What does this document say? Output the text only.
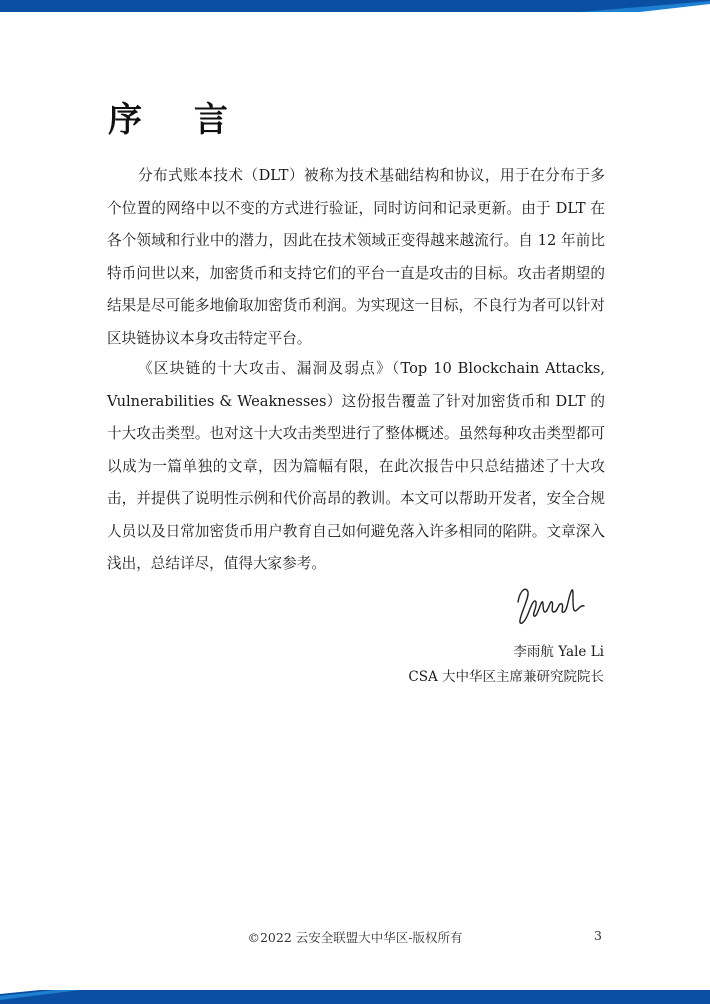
序 言

分布式账本技术（DLT）被称为技术基础结构和协议，用于在分布于多个位置的网络中以不变的方式进行验证，同时访问和记录更新。由于 DLT 在各个领域和行业中的潜力，因此在技术领域正变得越来越流行。自 12 年前比特币问世以来，加密货币和支持它们的平台一直是攻击的目标。攻击者期望的结果是尽可能多地偷取加密货币利润。为实现这一目标，不良行为者可以针对区块链协议本身攻击特定平台。

《区块链的十大攻击、漏洞及弱点》（Top 10 Blockchain Attacks, Vulnerabilities & Weaknesses）这份报告覆盖了针对加密货币和 DLT 的十大攻击类型。也对这十大攻击类型进行了整体概述。虽然每种攻击类型都可以成为一篇单独的文章，因为篇幅有限，在此次报告中只总结描述了十大攻击，并提供了说明性示例和代价高昂的教训。本文可以帮助开发者，安全合规人员以及日常加密货币用户教育自己如何避免落入许多相同的陷阱。文章深入浅出，总结详尽，值得大家参考。

李雨航 Yale Li
CSA 大中华区主席兼研究院院长
©2022 云安全联盟大中华区-版权所有	3
